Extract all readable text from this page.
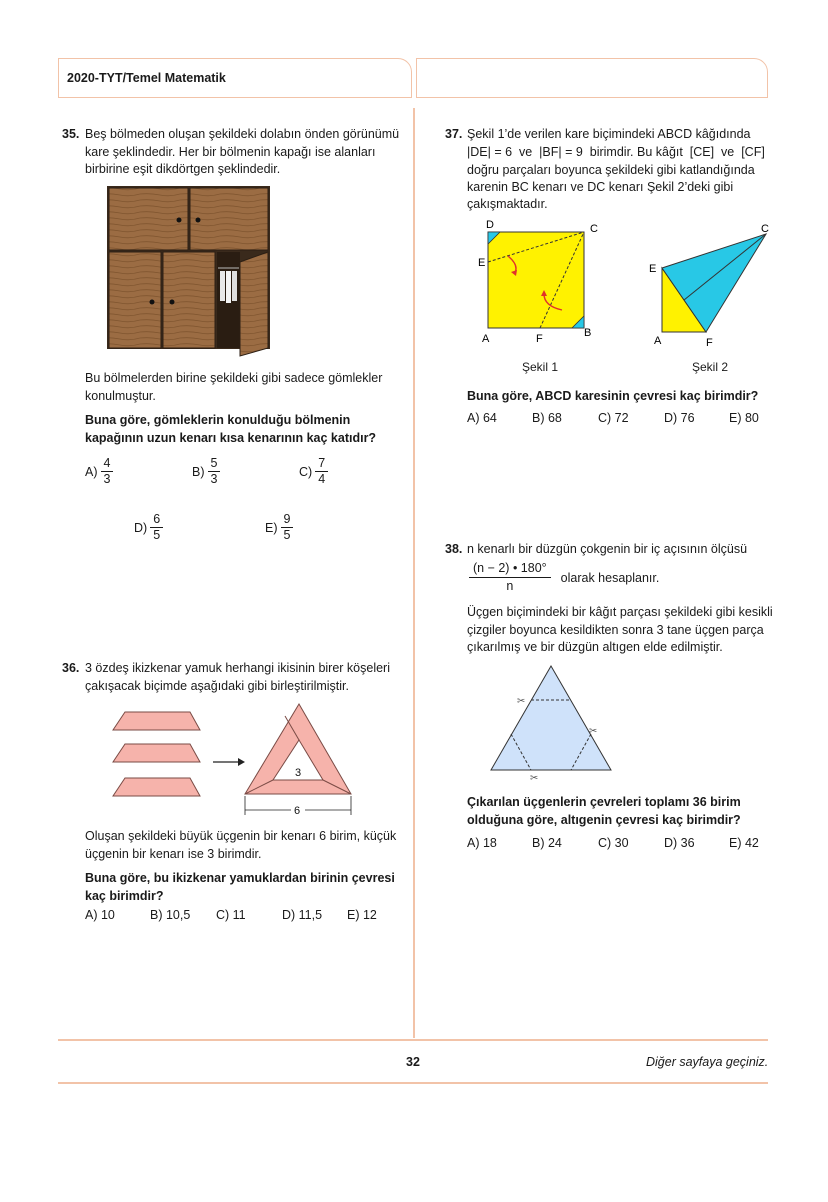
2020-TYT/Temel Matematik
35. Beş bölmeden oluşan şekildeki dolabın önden görünümü kare şeklindedir. Her bir bölmenin kapağı ise alanları birbirine eşit dikdörtgen şeklindedir.
Bu bölmelerden birine şekildeki gibi sadece gömlekler konulmuştur.
Buna göre, gömleklerin konulduğu bölmenin kapağının uzun kenarı kısa kenarının kaç katıdır?
A)
4
3
B)
5
3
C)
7
4
D)
6
5
E)
9
5
36. 3 özdeş ikizkenar yamuk herhangi ikisinin birer köşeleri çakışacak biçimde aşağıdaki gibi birleştirilmiştir.
3
6
Oluşan şekildeki büyük üçgenin bir kenarı 6 birim, küçük üçgenin bir kenarı ise 3 birimdir.
Buna göre, bu ikizkenar yamuklardan birinin çevresi kaç birimdir?
A) 10	B) 10,5 C) 11	D) 11,5 E) 12
37. Şekil 1’de verilen kare biçimindeki ABCD kâğıdında
|DE| = 6  ve  |BF| = 9  birimdir. Bu kâğıt  [CE]  ve  [CF]
doğru parçaları boyunca şekildeki gibi katlandığında
karenin BC kenarı ve DC kenarı Şekil 2’deki gibi
çakışmaktadır.
D	C
E
A	F	B
Şekil 1
E
C
A	F
Şekil 2
Buna göre, ABCD karesinin çevresi kaç birimdir?
A) 64	B) 68	C) 72	D) 76	E) 80
38. n kenarlı bir düzgün çokgenin bir iç açısının ölçüsü
$\frac{(n - 2) • 180^\circ}{n}$ olarak hesaplanır.
Üçgen biçimindeki bir kâğıt parçası şekildeki gibi kesikli çizgiler boyunca kesildikten sonra 3 tane üçgen parça çıkarılmış ve bir düzgün altıgen elde edilmiştir.
✂
✂
✂
Çıkarılan üçgenlerin çevreleri toplamı 36 birim olduğuna göre, altıgenin çevresi kaç birimdir?
A) 18	B) 24	C) 30	D) 36	E) 42
32	Diğer sayfaya geçiniz.
